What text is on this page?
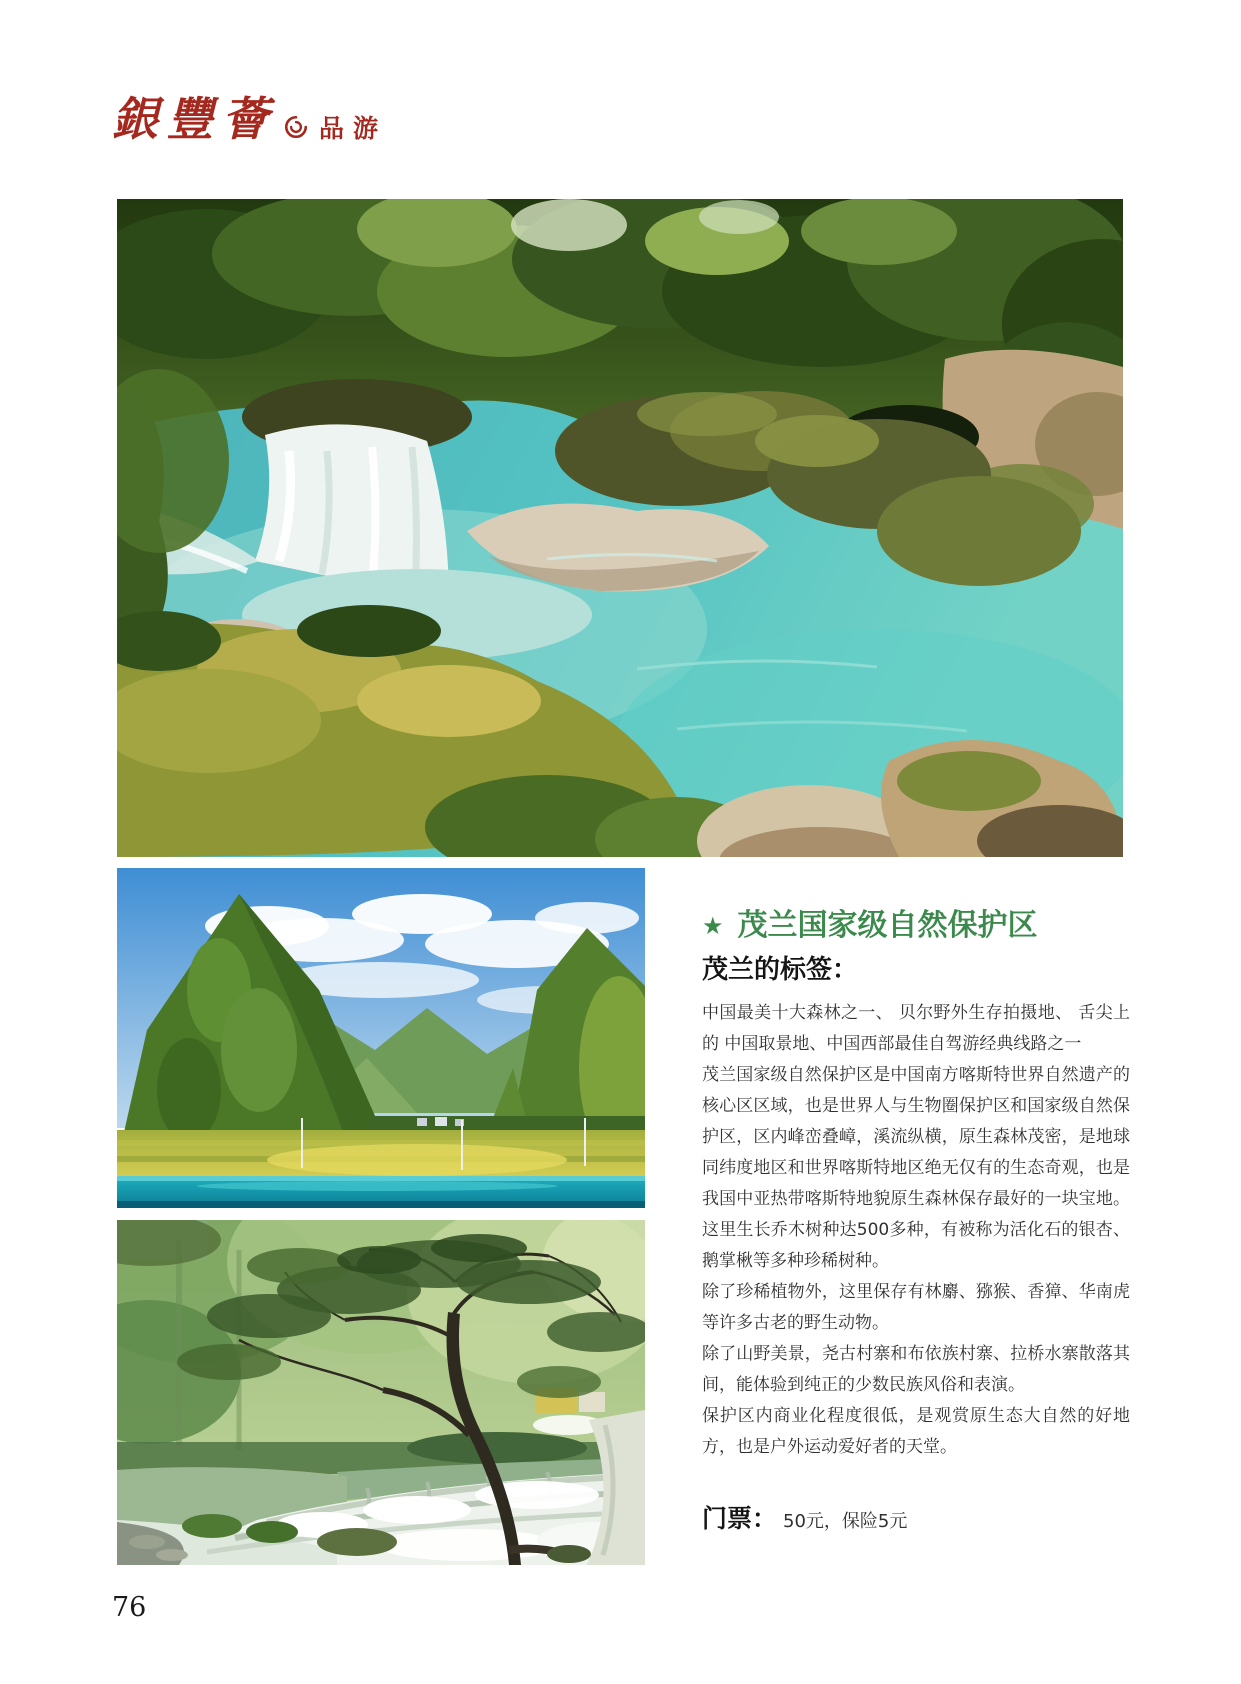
銀豐薈 品游
★ 茂兰国家级自然保护区
茂兰的标签：

中国最美十大森林之一、 贝尔野外生存拍摄地、 舌尖上的 中国取景地、中国西部最佳自驾游经典线路之一

茂兰国家级自然保护区是中国南方喀斯特世界自然遗产的核心区区域，也是世界人与生物圈保护区和国家级自然保护区，区内峰峦叠嶂，溪流纵横，原生森林茂密，是地球同纬度地区和世界喀斯特地区绝无仅有的生态奇观，也是我国中亚热带喀斯特地貌原生森林保存最好的一块宝地。这里生长乔木树种达500多种，有被称为活化石的银杏、鹅掌楸等多种珍稀树种。

除了珍稀植物外，这里保存有林麝、猕猴、香獐、华南虎等许多古老的野生动物。

除了山野美景，尧古村寨和布依族村寨、拉桥水寨散落其间，能体验到纯正的少数民族风俗和表演。

保护区内商业化程度很低，是观赏原生态大自然的好地方，也是户外运动爱好者的天堂。

门票： 50元，保险5元

76
